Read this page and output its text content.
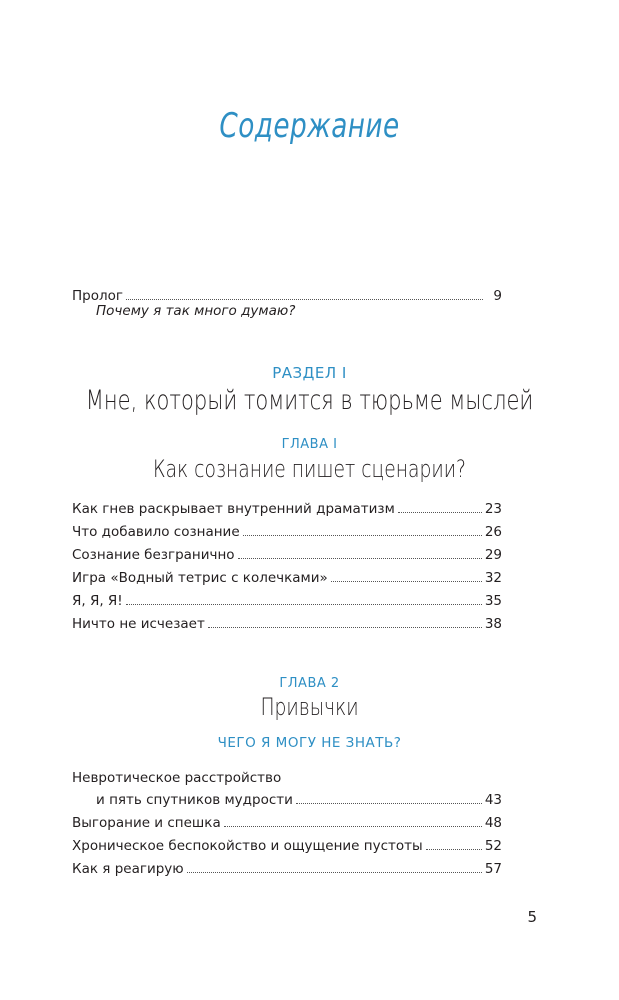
Содержание
Пролог	9
Почему я так много думаю?
РАЗДЕЛ I
Мне, который томится в тюрьме мыслей
ГЛАВА I
Как сознание пишет сценарии?
Как гнев раскрывает внутренний драматизм	23
Что добавило сознание	26
Сознание безгранично	29
Игра «Водный тетрис с колечками»	32
Я, Я, Я!	35
Ничто не исчезает	38
ГЛАВА 2
Привычки
ЧЕГО Я МОГУ НЕ ЗНАТЬ?
Невротическое расстройство
и пять спутников мудрости	43
Выгорание и спешка	48
Хроническое беспокойство и ощущение пустоты	52
Как я реагирую	57
5
